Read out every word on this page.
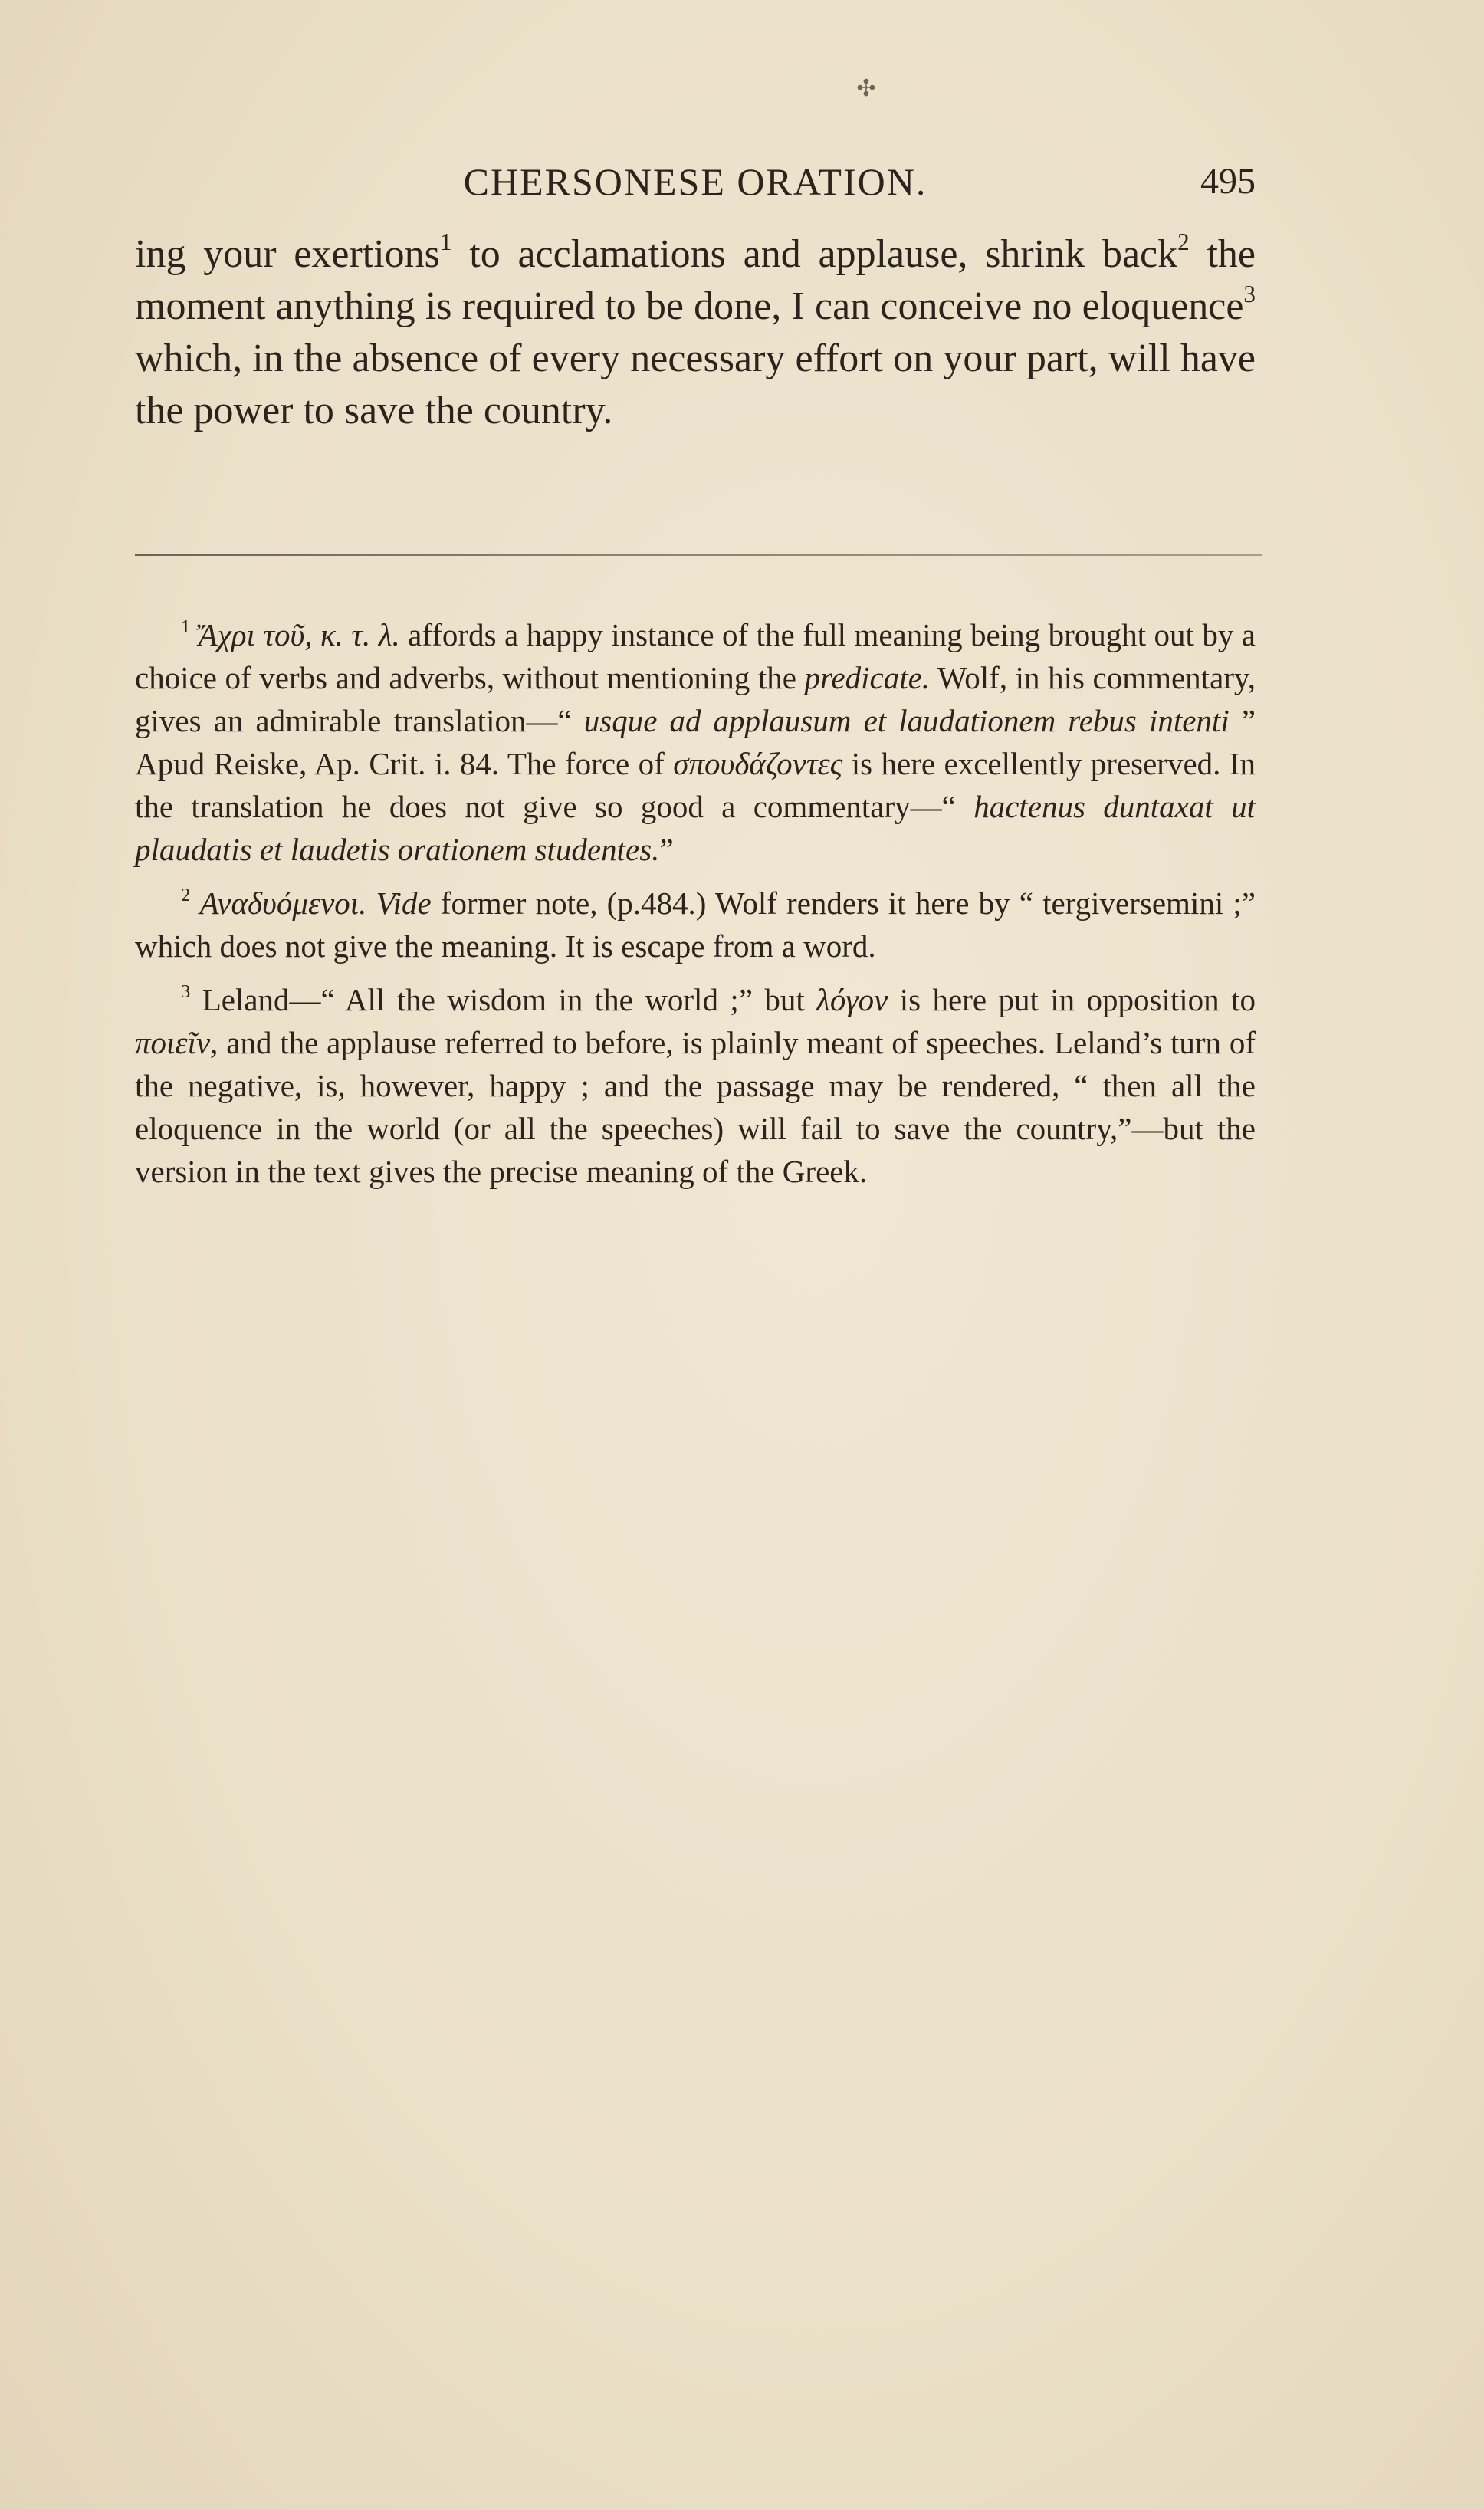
✣
CHERSONESE ORATION.	495

ing your exertions$^1$ to acclamations and applause, shrink back$^2$ the moment anything is required to be done, I can conceive no eloquence$^3$ which, in the absence of every necessary effort on your part, will have the power to save the country.

$^1$ Ἄχρι τοῦ, κ. τ. λ. affords a happy instance of the full meaning being brought out by a choice of verbs and adverbs, without mentioning the predicate. Wolf, in his commentary, gives an admirable translation—“ usque ad applausum et laudationem rebus intenti ” Apud Reiske, Ap. Crit. i. 84. The force of σπουδάζοντες is here excellently preserved. In the translation he does not give so good a commentary—“ hactenus duntaxat ut plaudatis et laudetis orationem studentes.”

$^2$ Αναδυόμενοι. Vide former note, (p.484.) Wolf renders it here by “ tergiversemini ;” which does not give the meaning. It is escape from a word.

$^3$ Leland—“ All the wisdom in the world ;” but λόγον is here put in opposition to ποιεῖν, and the applause referred to before, is plainly meant of speeches. Leland’s turn of the negative, is, however, happy ; and the passage may be rendered, “ then all the eloquence in the world (or all the speeches) will fail to save the country,”—but the version in the text gives the precise meaning of the Greek.
